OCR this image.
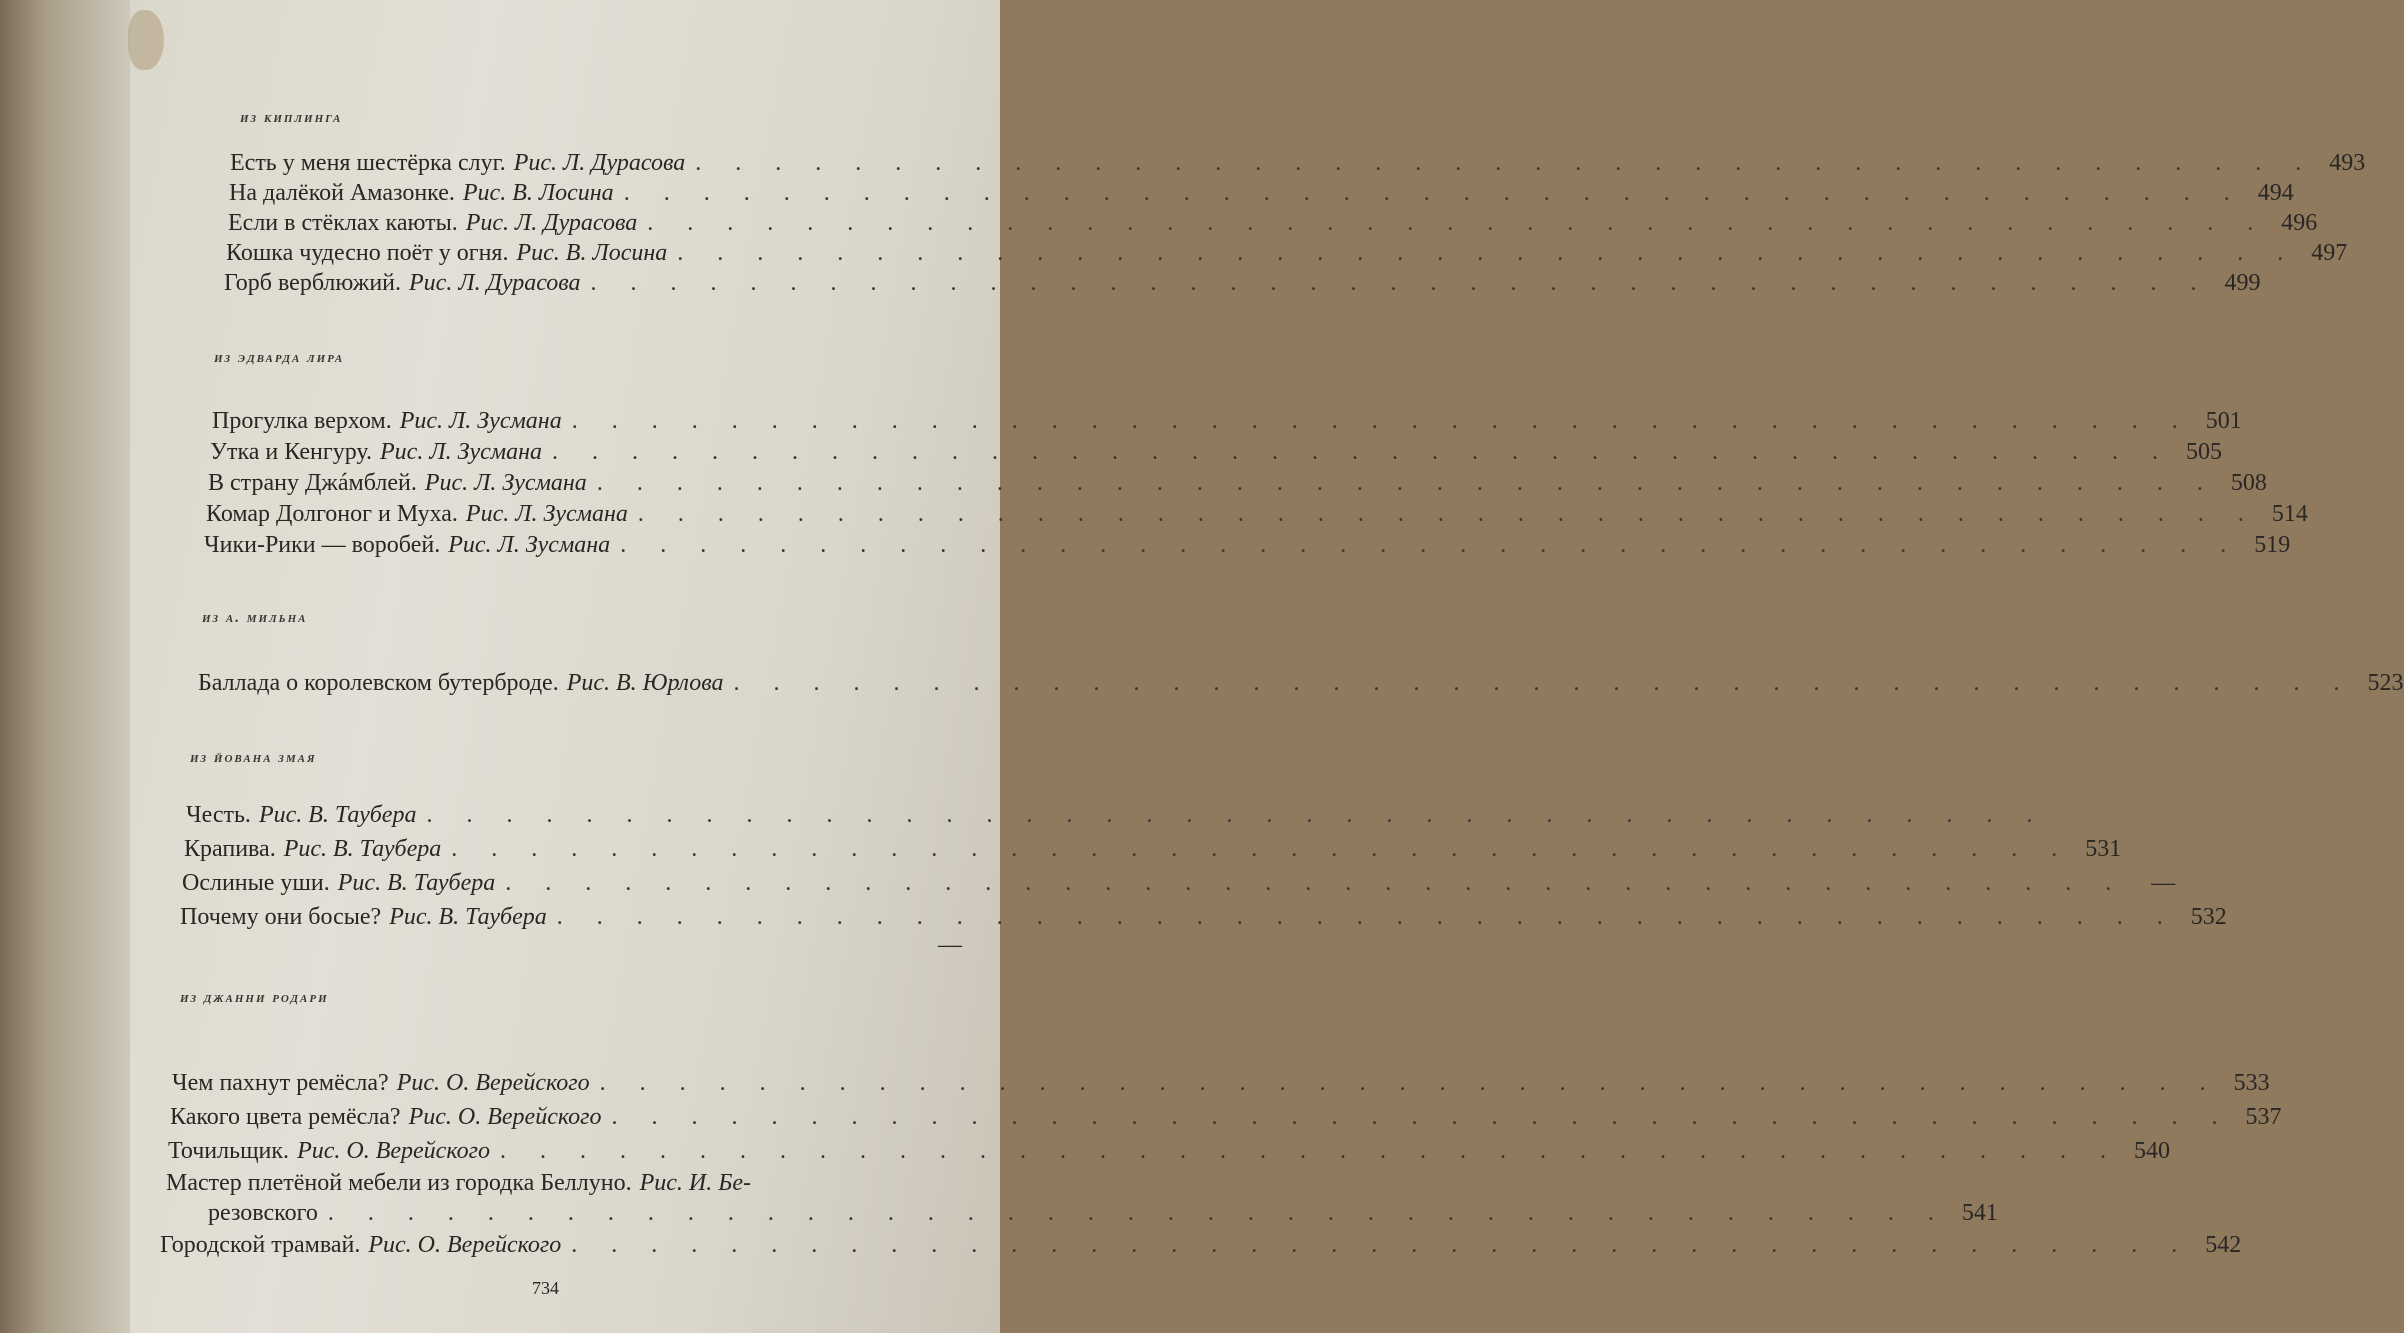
из киплинга
Есть у меня шестёрка слуг. Рис. Л. Дурасова . . . . . . . . . . . . . . . . . . . . . . . . . . . . . . . . . . . . . . . . . 493
На далёкой Амазонке. Рис. В. Лосина . . . . . . . . . . . . . . . . . . . . . . . . . . . . . . . . . . . . . . . . . 494
Если в стёклах каюты. Рис. Л. Дурасова . . . . . . . . . . . . . . . . . . . . . . . . . . . . . . . . . . . . . . . . . 496
Кошка чудесно поёт у огня. Рис. В. Лосина . . . . . . . . . . . . . . . . . . . . . . . . . . . . . . . . . . . . . . . . . 497
Горб верблюжий. Рис. Л. Дурасова . . . . . . . . . . . . . . . . . . . . . . . . . . . . . . . . . . . . . . . . . 499
из эдварда лира
Прогулка верхом. Рис. Л. Зусмана . . . . . . . . . . . . . . . . . . . . . . . . . . . . . . . . . . . . . . . . . 501
Утка и Кенгуру. Рис. Л. Зусмана . . . . . . . . . . . . . . . . . . . . . . . . . . . . . . . . . . . . . . . . . 505
В страну Джáмблей. Рис. Л. Зусмана . . . . . . . . . . . . . . . . . . . . . . . . . . . . . . . . . . . . . . . . . 508
Комар Долгоног и Муха. Рис. Л. Зусмана . . . . . . . . . . . . . . . . . . . . . . . . . . . . . . . . . . . . . . . . . 514
Чики-Рики — воробей. Рис. Л. Зусмана . . . . . . . . . . . . . . . . . . . . . . . . . . . . . . . . . . . . . . . . . 519
из а. мильна
Баллада о королевском бутерброде. Рис. В. Юрлова . . . . . . . . . . . . . . . . . . . . . . . . . . . . . . . . . . . . . . . . . 523
из йована змая
Честь. Рис. В. Таубера . . . . . . . . . . . . . . . . . . . . . . . . . . . . . . . . . . . . . . . . .
Крапива. Рис. В. Таубера . . . . . . . . . . . . . . . . . . . . . . . . . . . . . . . . . . . . . . . . . 531
Ослиные уши. Рис. В. Таубера . . . . . . . . . . . . . . . . . . . . . . . . . . . . . . . . . . . . . . . . .	—
Почему они босые? Рис. В. Таубера . . . . . . . . . . . . . . . . . . . . . . . . . . . . . . . . . . . . . . . . . 532
—
из джанни родари
Чем пахнут ремёсла? Рис. О. Верейского . . . . . . . . . . . . . . . . . . . . . . . . . . . . . . . . . . . . . . . . . 533
Какого цвета ремёсла? Рис. О. Верейского . . . . . . . . . . . . . . . . . . . . . . . . . . . . . . . . . . . . . . . . . 537
Точильщик. Рис. О. Верейского . . . . . . . . . . . . . . . . . . . . . . . . . . . . . . . . . . . . . . . . . 540
Мастер плетёной мебели из городка Беллуно. Рис. И. Бе-
резовского . . . . . . . . . . . . . . . . . . . . . . . . . . . . . . . . . . . . . . . . . 541
Городской трамвай. Рис. О. Верейского . . . . . . . . . . . . . . . . . . . . . . . . . . . . . . . . . . . . . . . . . 542
734
